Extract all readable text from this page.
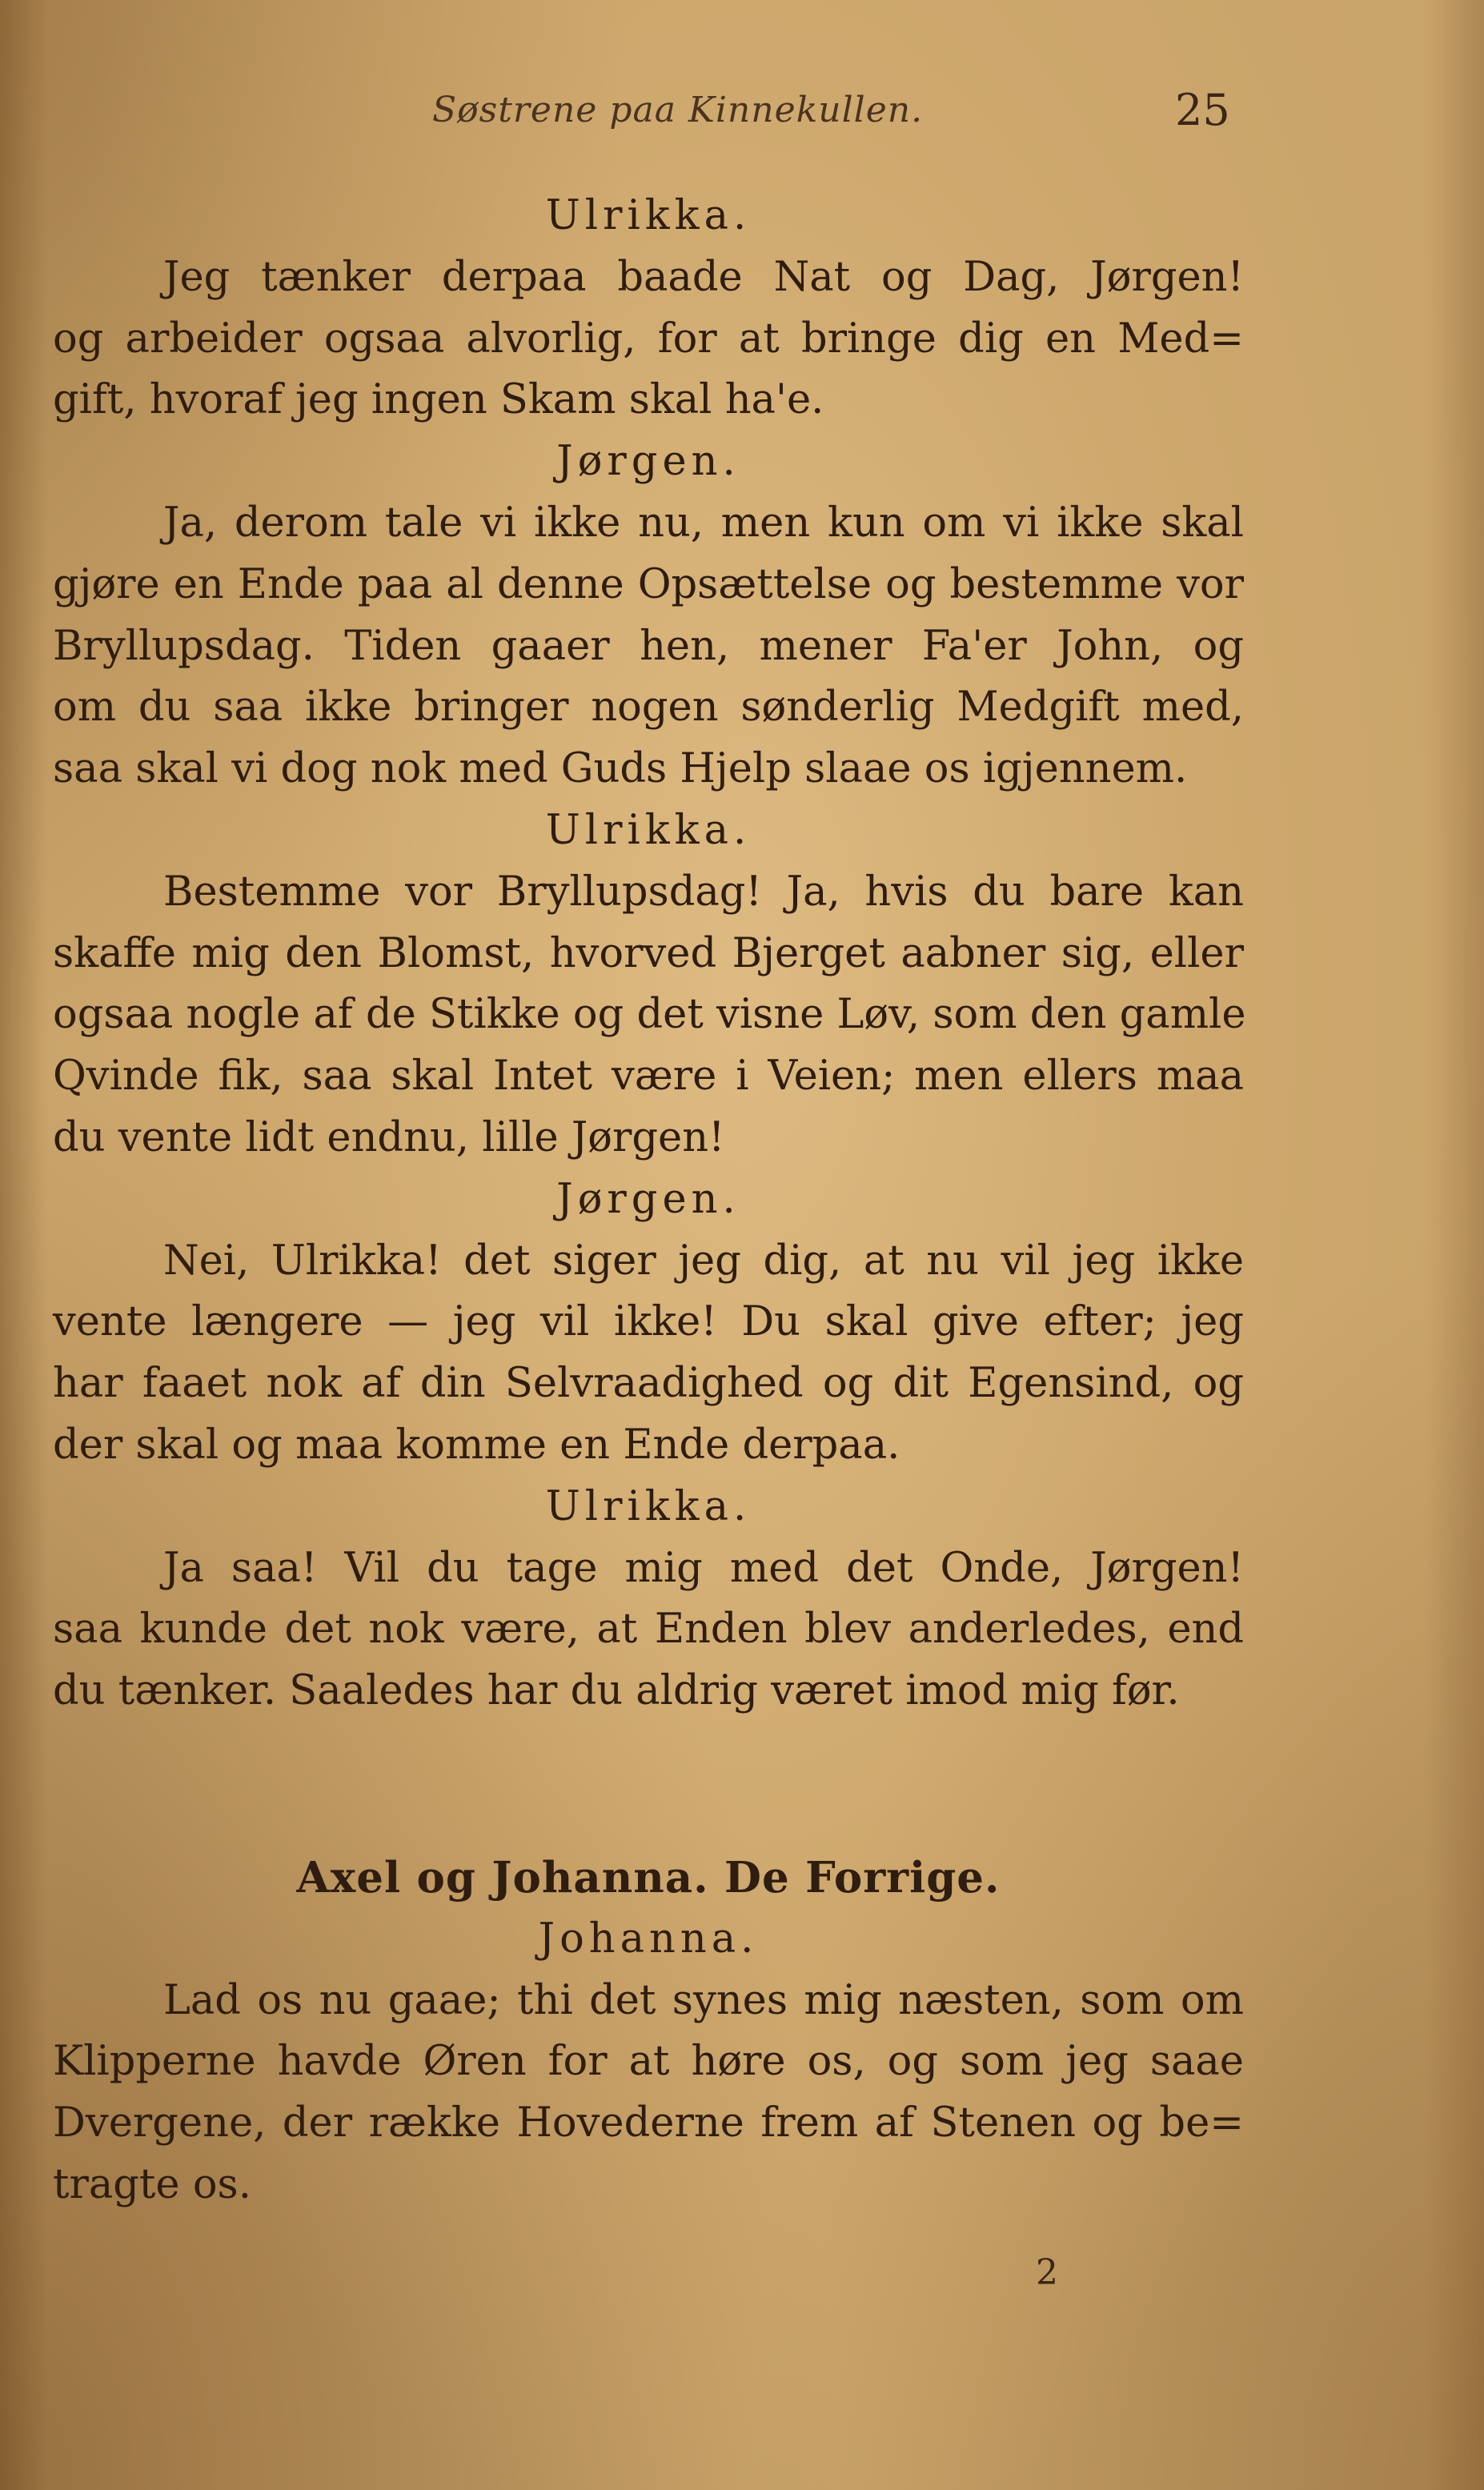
Søstrene paa Kinnekullen.	25
Ulrikka.
Jeg tænker derpaa baade Nat og Dag, Jørgen!
og arbeider ogsaa alvorlig, for at bringe dig en Med=
gift, hvoraf jeg ingen Skam skal ha'e.
Jørgen.
Ja, derom tale vi ikke nu, men kun om vi ikke skal
gjøre en Ende paa al denne Opsættelse og bestemme vor
Bryllupsdag. Tiden gaaer hen, mener Fa'er John, og
om du saa ikke bringer nogen sønderlig Medgift med,
saa skal vi dog nok med Guds Hjelp slaae os igjennem.
Ulrikka.
Bestemme vor Bryllupsdag! Ja, hvis du bare kan
skaffe mig den Blomst, hvorved Bjerget aabner sig, eller
ogsaa nogle af de Stikke og det visne Løv, som den gamle
Qvinde fik, saa skal Intet være i Veien; men ellers maa
du vente lidt endnu, lille Jørgen!
Jørgen.
Nei, Ulrikka! det siger jeg dig, at nu vil jeg ikke
vente længere — jeg vil ikke! Du skal give efter; jeg
har faaet nok af din Selvraadighed og dit Egensind, og
der skal og maa komme en Ende derpaa.
Ulrikka.
Ja saa! Vil du tage mig med det Onde, Jørgen!
saa kunde det nok være, at Enden blev anderledes, end
du tænker. Saaledes har du aldrig været imod mig før.
Axel og Johanna. De Forrige.
Johanna.
Lad os nu gaae; thi det synes mig næsten, som om
Klipperne havde Øren for at høre os, og som jeg saae
Dvergene, der række Hovederne frem af Stenen og be=
tragte os.
2
